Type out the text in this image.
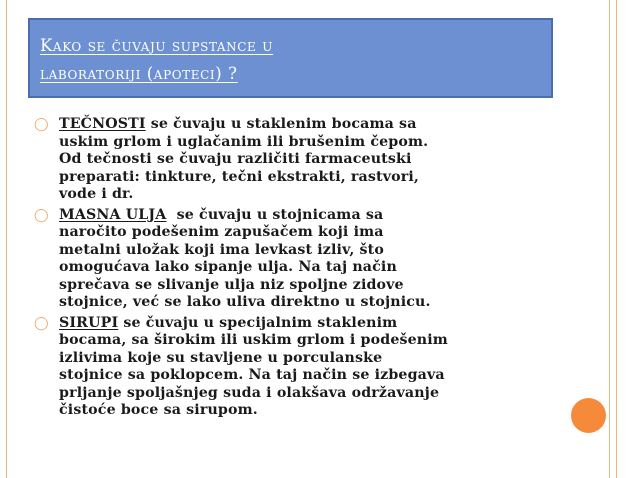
Kako se čuvaju supstance u
laboratoriji (apoteci) ?
◯ TEČNOSTI se čuvaju u staklenim bocama sa
uskim grlom i uglačanim ili brušenim čepom.
Od tečnosti se čuvaju različiti farmaceutski
preparati: tinkture, tečni ekstrakti, rastvori,
vode i dr.
◯ MASNA ULJA  se čuvaju u stojnicama sa
naročito podešenim zapušačem koji ima
metalni uložak koji ima levkast izliv, što
omogućava lako sipanje ulja. Na taj način
sprečava se slivanje ulja niz spoljne zidove
stojnice, već se lako uliva direktno u stojnicu.
◯ SIRUPI se čuvaju u specijalnim staklenim
bocama, sa širokim ili uskim grlom i podešenim
izlivima koje su stavljene u porculanske
stojnice sa poklopcem. Na taj način se izbegava
prljanje spoljašnjeg suda i olakšava održavanje
čistoće boce sa sirupom.
